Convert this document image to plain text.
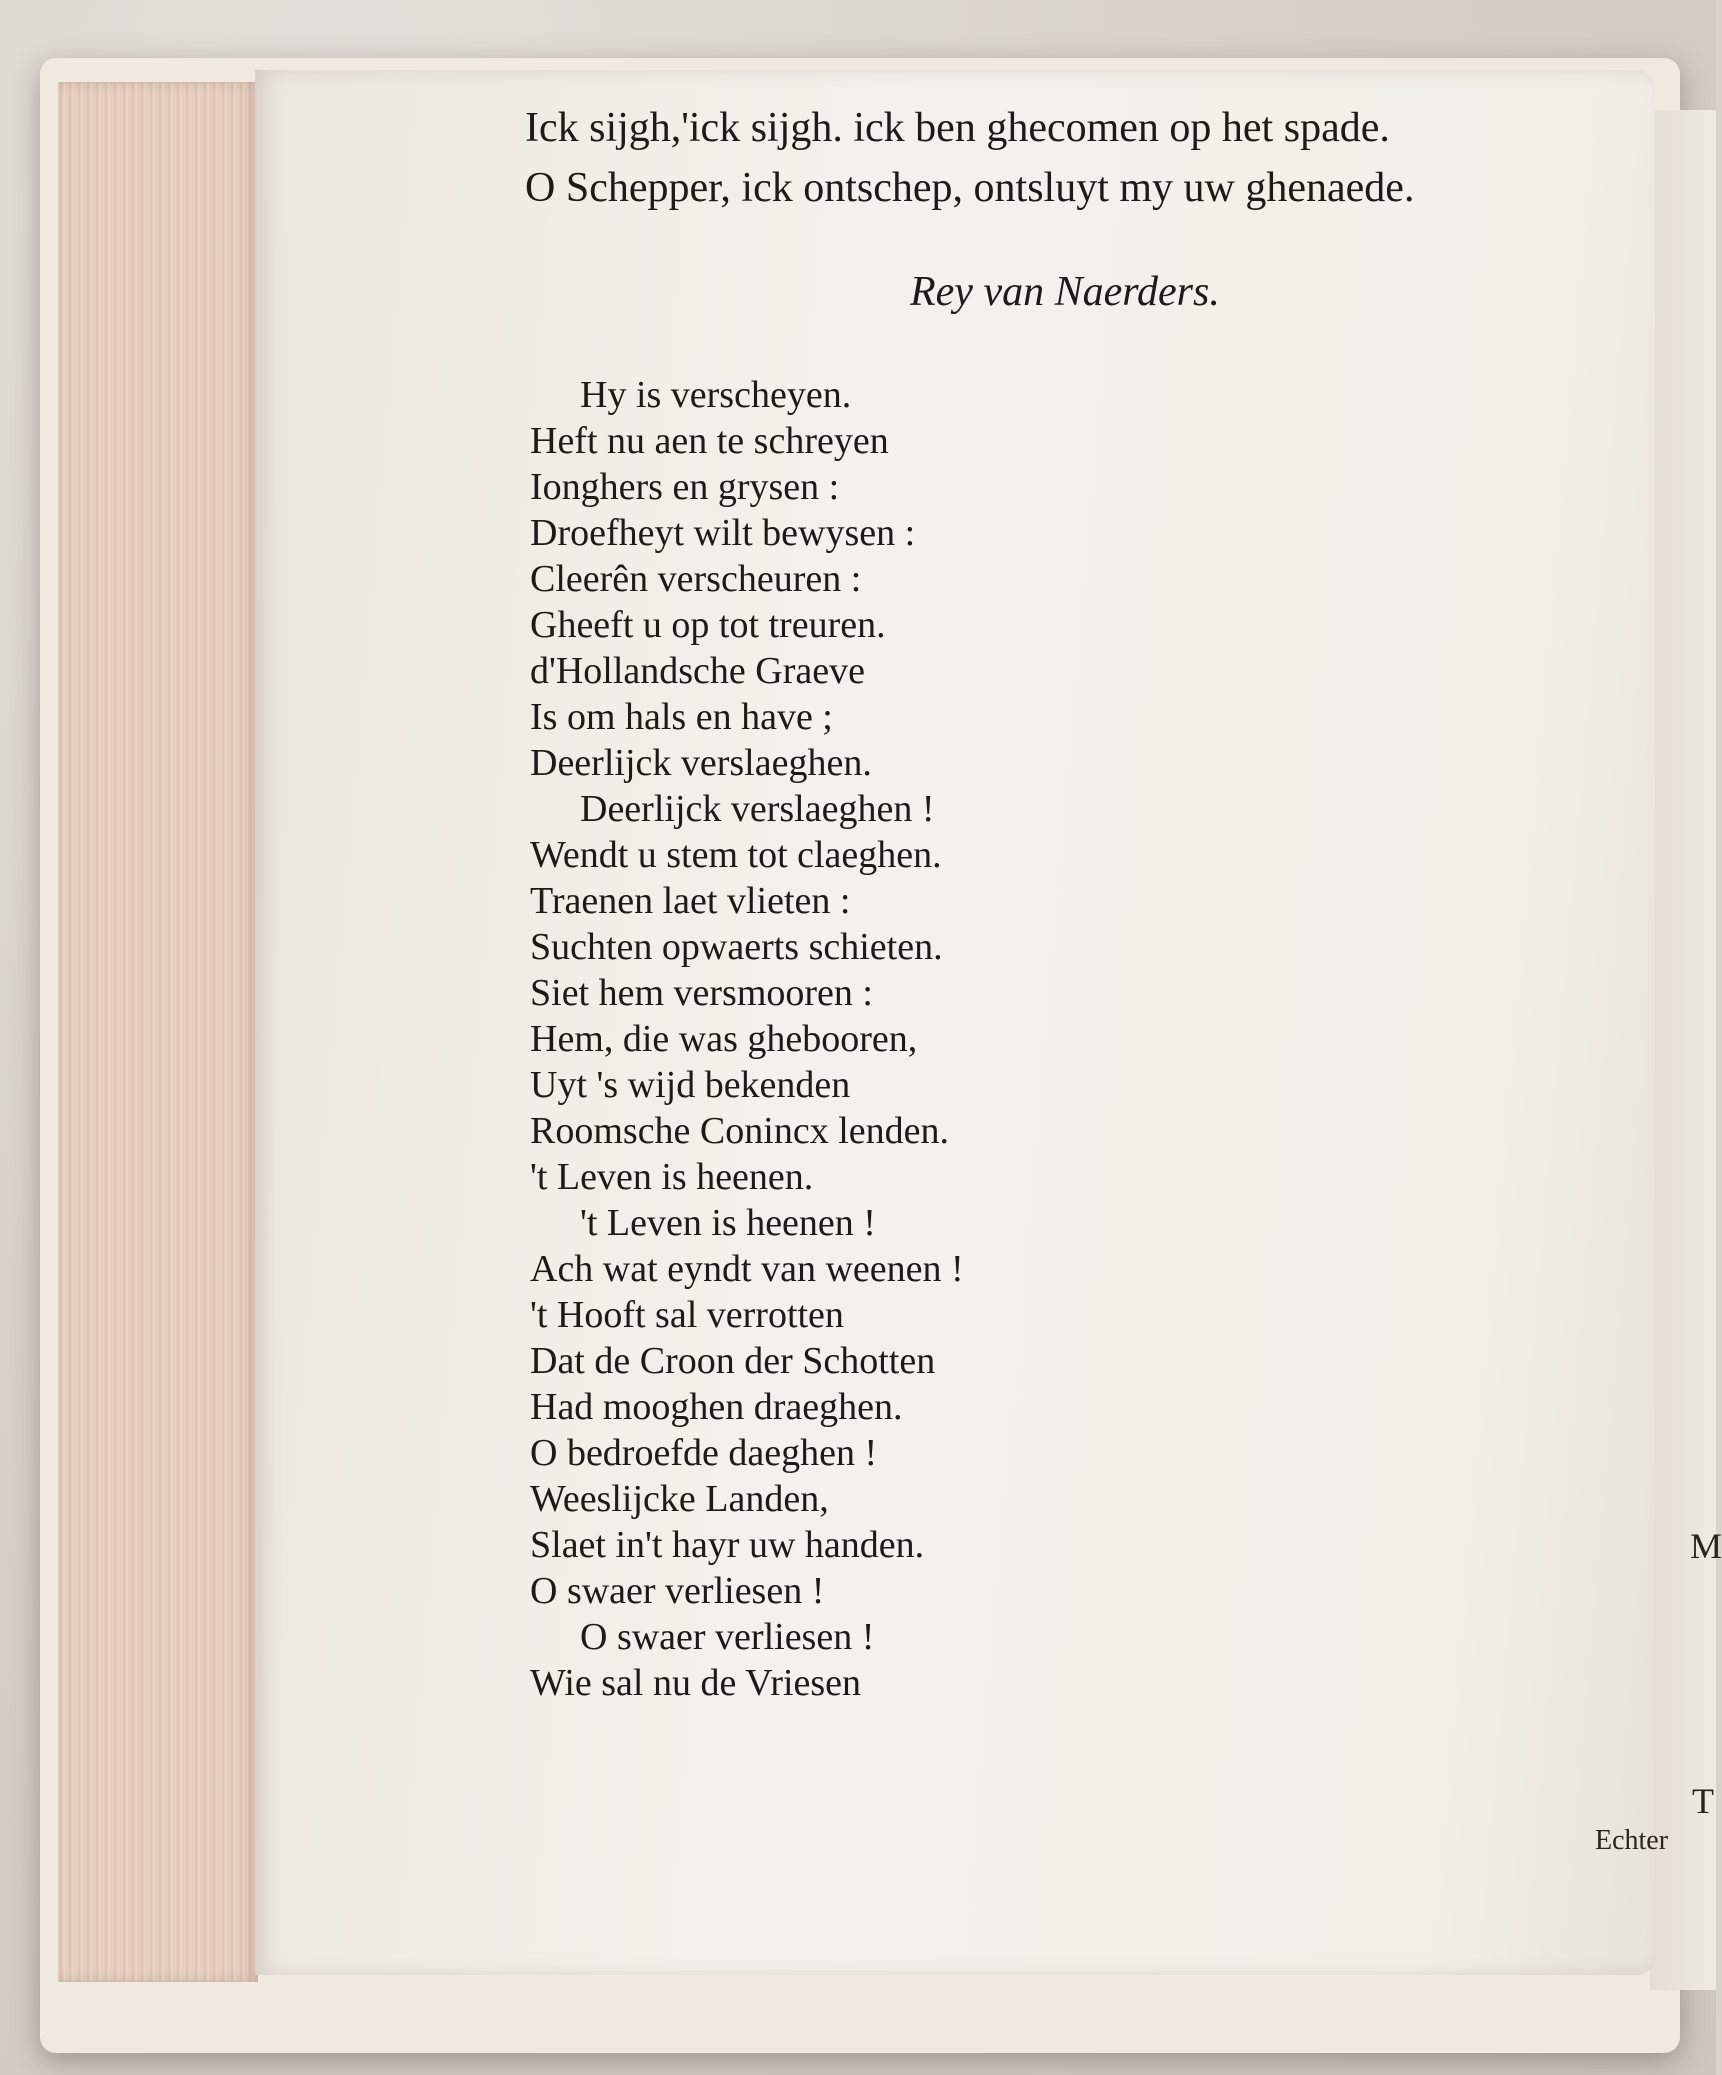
Ick sijgh,'ick sijgh. ick ben ghecomen op het spade.
O Schepper, ick ontschep, ontsluyt my uw ghenaede.
Rey van Naerders.
Hy is verscheyen.
Heft nu aen te schreyen
Ionghers en grysen :
Droefheyt wilt bewysen :
Cleerên verscheuren :
Gheeft u op tot treuren.
d'Hollandsche Graeve
Is om hals en have ;
Deerlijck verslaeghen.
Deerlijck verslaeghen !
Wendt u stem tot claeghen.
Traenen laet vlieten :
Suchten opwaerts schieten.
Siet hem versmooren :
Hem, die was ghebooren,
Uyt 's wijd bekenden
Roomsche Conincx lenden.
't Leven is heenen.
't Leven is heenen !
Ach wat eyndt van weenen !
't Hooft sal verrotten
Dat de Croon der Schotten
Had mooghen draeghen.
O bedroefde daeghen !
Weeslijcke Landen,
Slaet in't hayr uw handen.
O swaer verliesen !
O swaer verliesen !
Wie sal nu de Vriesen
Echter
M
T
